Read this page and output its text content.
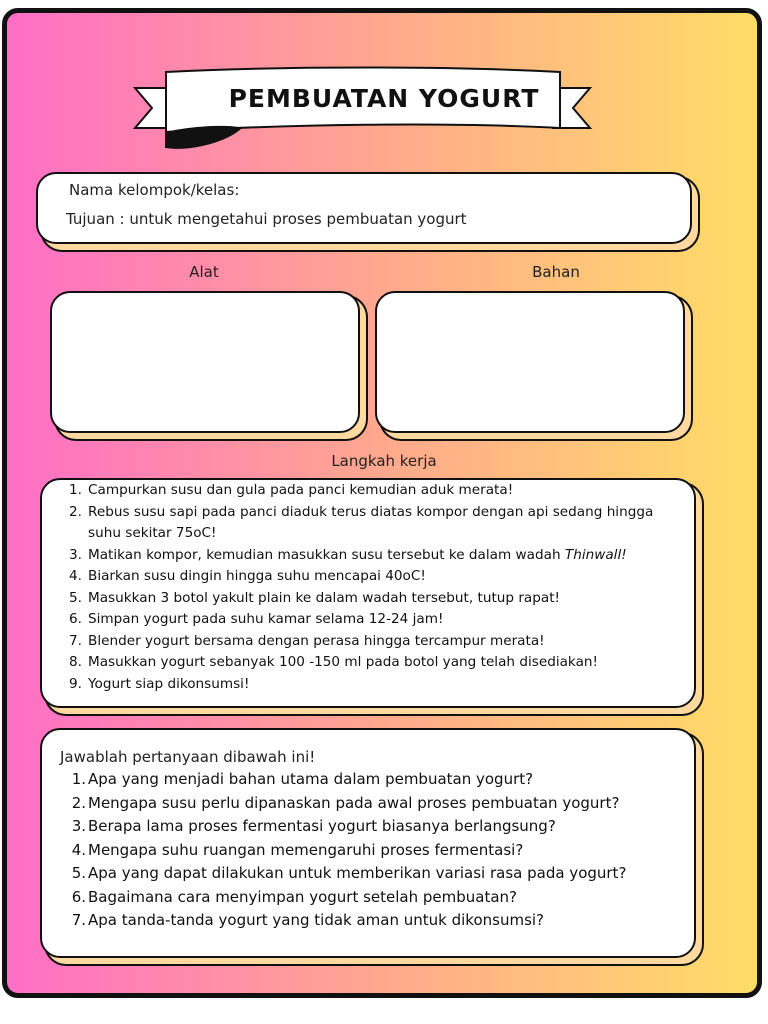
PEMBUATAN YOGURT
Nama kelompok/kelas:
Tujuan : untuk mengetahui proses pembuatan yogurt
Alat	Bahan
Langkah kerja
1. Campurkan susu dan gula pada panci kemudian aduk merata!
2. Rebus susu sapi pada panci diaduk terus diatas kompor dengan api sedang hingga suhu sekitar 75oC!
3. Matikan kompor, kemudian masukkan susu tersebut ke dalam wadah Thinwall!
4. Biarkan susu dingin hingga suhu mencapai 40oC!
5. Masukkan 3 botol yakult plain ke dalam wadah tersebut, tutup rapat!
6. Simpan yogurt pada suhu kamar selama 12-24 jam!
7. Blender yogurt bersama dengan perasa hingga tercampur merata!
8. Masukkan yogurt sebanyak 100 -150 ml pada botol yang telah disediakan!
9. Yogurt siap dikonsumsi!
Jawablah pertanyaan dibawah ini!
1. Apa yang menjadi bahan utama dalam pembuatan yogurt?
2. Mengapa susu perlu dipanaskan pada awal proses pembuatan yogurt?
3. Berapa lama proses fermentasi yogurt biasanya berlangsung?
4. Mengapa suhu ruangan memengaruhi proses fermentasi?
5. Apa yang dapat dilakukan untuk memberikan variasi rasa pada yogurt?
6. Bagaimana cara menyimpan yogurt setelah pembuatan?
7. Apa tanda-tanda yogurt yang tidak aman untuk dikonsumsi?
